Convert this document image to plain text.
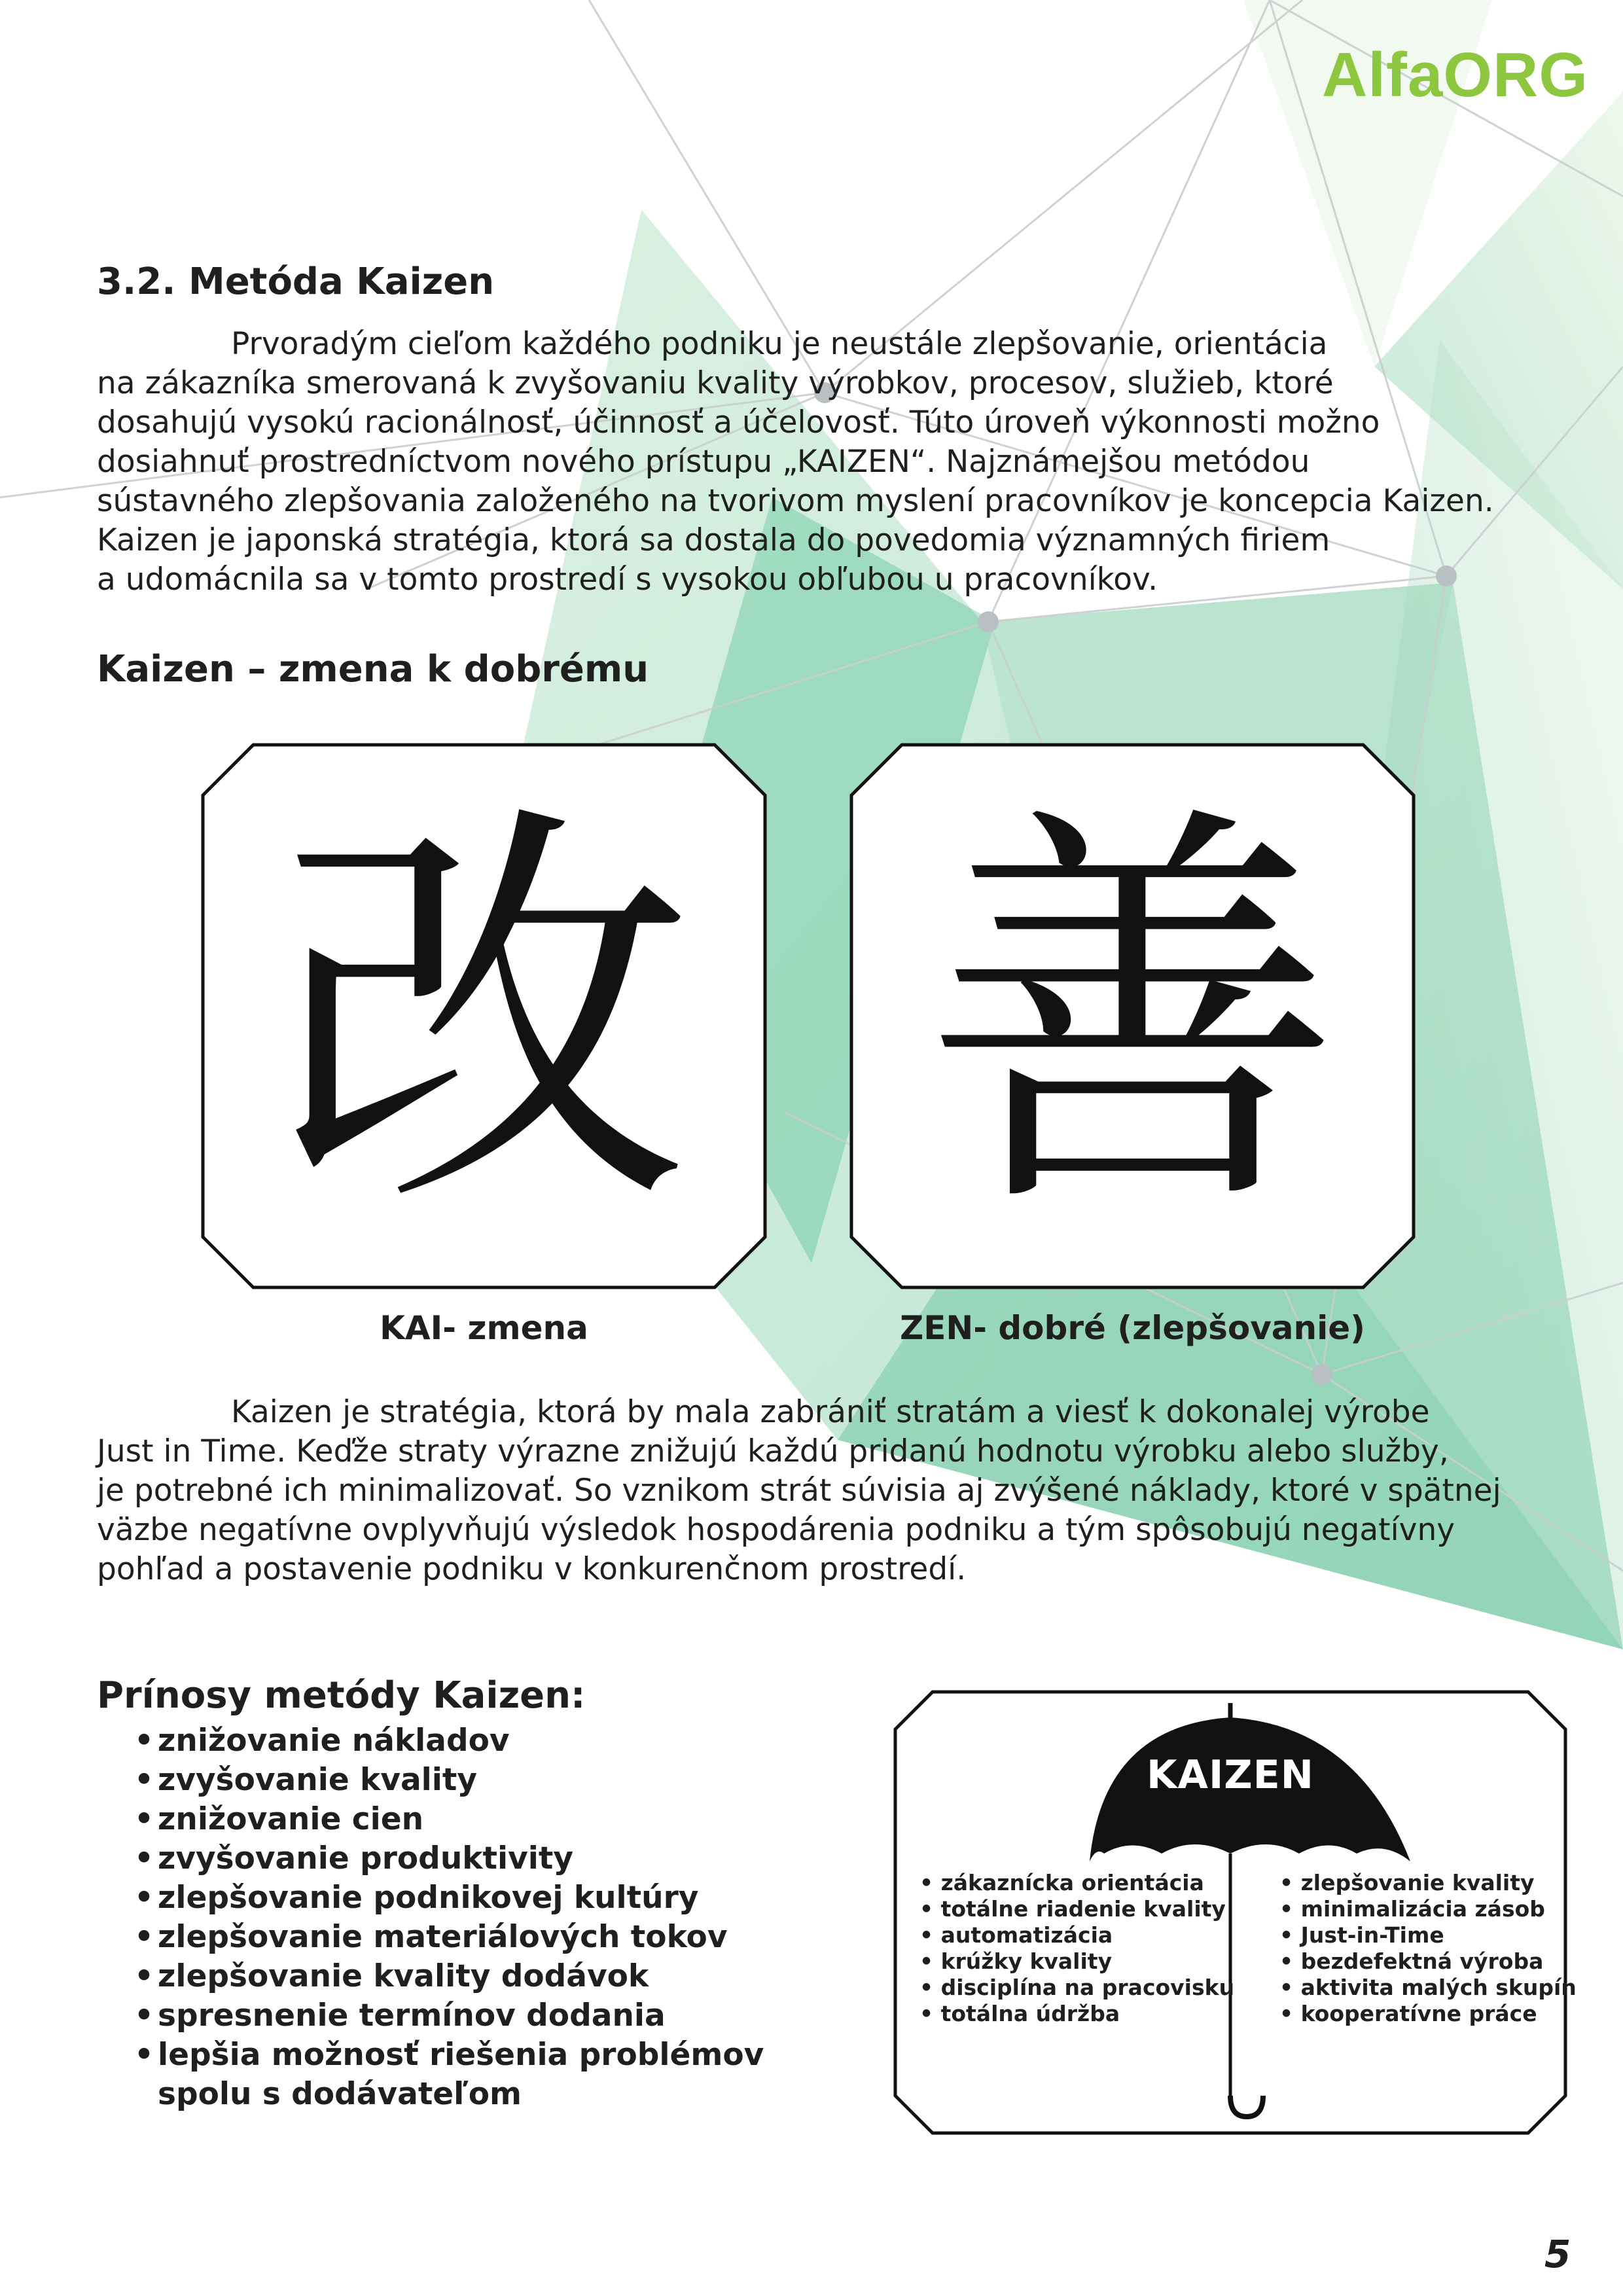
AlfaORG
3.2. Metóda Kaizen
Prvoradým cieľom každého podniku je neustále zlepšovanie, orientácia
na zákazníka smerovaná k zvyšovaniu kvality výrobkov, procesov, služieb, ktoré
dosahujú vysokú racionálnosť, účinnosť a účelovosť. Túto úroveň výkonnosti možno
dosiahnuť prostredníctvom nového prístupu „KAIZEN“. Najznámejšou metódou
sústavného zlepšovania založeného na tvorivom myslení pracovníkov je koncepcia Kaizen.
Kaizen je japonská stratégia, ktorá sa dostala do povedomia významných firiem
a udomácnila sa v tomto prostredí s vysokou obľubou u pracovníkov.
Kaizen – zmena k dobrému
改 善
KAI- zmena	ZEN- dobré (zlepšovanie)
Kaizen je stratégia, ktorá by mala zabrániť stratám a viesť k dokonalej výrobe
Just in Time. Keďže straty výrazne znižujú každú pridanú hodnotu výrobku alebo služby,
je potrebné ich minimalizovať. So vznikom strát súvisia aj zvýšené náklady, ktoré v spätnej
väzbe negatívne ovplyvňujú výsledok hospodárenia podniku a tým spôsobujú negatívny
pohľad a postavenie podniku v konkurenčnom prostredí.
Prínosy metódy Kaizen:
• znižovanie nákladov
• zvyšovanie kvality
• znižovanie cien
• zvyšovanie produktivity
• zlepšovanie podnikovej kultúry
• zlepšovanie materiálových tokov
• zlepšovanie kvality dodávok
• spresnenie termínov dodania
• lepšia možnosť riešenia problémov
spolu s dodávateľom
KAIZEN
• zákaznícka orientácia
• totálne riadenie kvality
• automatizácia
• krúžky kvality
• disciplína na pracovisku
• totálna údržba
• zlepšovanie kvality
• minimalizácia zásob
• Just-in-Time
• bezdefektná výroba
• aktivita malých skupín
• kooperatívne práce
5
